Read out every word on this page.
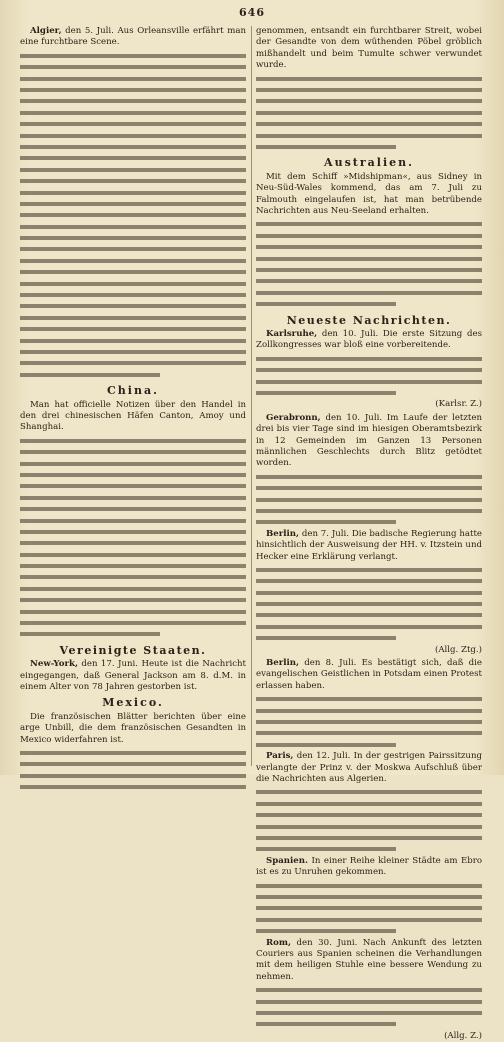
646

Algier, den 5. Juli. Aus Orleansville erfährt man eine furchtbare Scene.

China.

Man hat officielle Notizen über den Handel in den drei chinesischen Häfen Canton, Amoy und Shanghai.

Vereinigte Staaten.

New-York, den 17. Juni. Heute ist die Nachricht eingegangen, daß General Jackson am 8. d.M. in einem Alter von 78 Jahren gestorben ist.

Mexico.

Die französischen Blätter berichten über eine arge Unbill, die dem französischen Gesandten in Mexico widerfahren ist.

genommen, entsandt ein furchtbarer Streit, wobei der Gesandte von dem wüthenden Pöbel gröblich mißhandelt und beim Tumulte schwer verwundet wurde.

Australien.

Mit dem Schiff »Midshipman«, aus Sidney in Neu-Süd-Wales kommend, das am 7. Juli zu Falmouth eingelaufen ist, hat man betrübende Nachrichten aus Neu-Seeland erhalten.

Neueste Nachrichten.

Karlsruhe, den 10. Juli. Die erste Sitzung des Zollkongresses war bloß eine vorbereitende.

(Karlsr. Z.)

Gerabronn, den 10. Juli. Im Laufe der letzten drei bis vier Tage sind im hiesigen Oberamtsbezirk in 12 Gemeinden im Ganzen 13 Personen männlichen Geschlechts durch Blitz getödtet worden.

Berlin, den 7. Juli. Die badische Regierung hatte hinsichtlich der Ausweisung der HH. v. Itzstein und Hecker eine Erklärung verlangt.

(Allg. Ztg.)

Berlin, den 8. Juli. Es bestätigt sich, daß die evangelischen Geistlichen in Potsdam einen Protest erlassen haben.

Paris, den 12. Juli. In der gestrigen Pairssitzung verlangte der Prinz v. der Moskwa Aufschluß über die Nachrichten aus Algerien.

Spanien. In einer Reihe kleiner Städte am Ebro ist es zu Unruhen gekommen.

Rom, den 30. Juni. Nach Ankunft des letzten Couriers aus Spanien scheinen die Verhandlungen mit dem heiligen Stuhle eine bessere Wendung zu nehmen.

(Allg. Z.)
